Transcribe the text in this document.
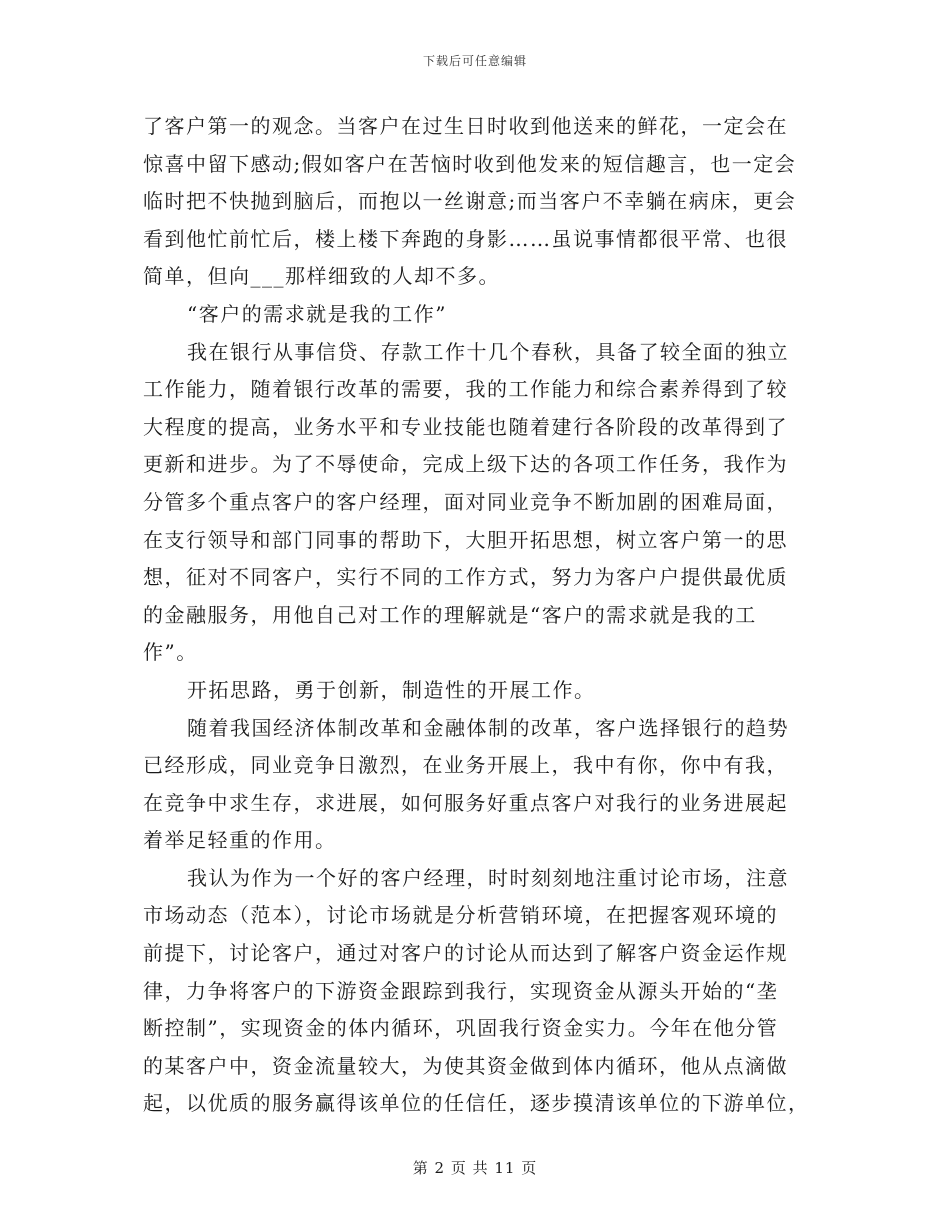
下载后可任意编辑
了客户第一的观念。当客户在过生日时收到他送来的鲜花，一定会在
惊喜中留下感动;假如客户在苦恼时收到他发来的短信趣言，也一定会
临时把不快抛到脑后，而抱以一丝谢意;而当客户不幸躺在病床，更会
看到他忙前忙后，楼上楼下奔跑的身影……虽说事情都很平常、也很
简单，但向___那样细致的人却不多。
“客户的需求就是我的工作”
我在银行从事信贷、存款工作十几个春秋，具备了较全面的独立
工作能力，随着银行改革的需要，我的工作能力和综合素养得到了较
大程度的提高，业务水平和专业技能也随着建行各阶段的改革得到了
更新和进步。为了不辱使命，完成上级下达的各项工作任务，我作为
分管多个重点客户的客户经理，面对同业竞争不断加剧的困难局面，
在支行领导和部门同事的帮助下，大胆开拓思想，树立客户第一的思
想，征对不同客户，实行不同的工作方式，努力为客户户提供最优质
的金融服务，用他自己对工作的理解就是“客户的需求就是我的工
作”。
开拓思路，勇于创新，制造性的开展工作。
随着我国经济体制改革和金融体制的改革，客户选择银行的趋势
已经形成，同业竞争日激烈，在业务开展上，我中有你，你中有我，
在竞争中求生存，求进展，如何服务好重点客户对我行的业务进展起
着举足轻重的作用。
我认为作为一个好的客户经理，时时刻刻地注重讨论市场，注意
市场动态（范本），讨论市场就是分析营销环境，在把握客观环境的
前提下，讨论客户，通过对客户的讨论从而达到了解客户资金运作规
律，力争将客户的下游资金跟踪到我行，实现资金从源头开始的“垄
断控制”，实现资金的体内循环，巩固我行资金实力。今年在他分管
的某客户中，资金流量较大，为使其资金做到体内循环，他从点滴做
起，以优质的服务赢得该单位的任信任，逐步摸清该单位的下游单位，
第 2 页 共 11 页
